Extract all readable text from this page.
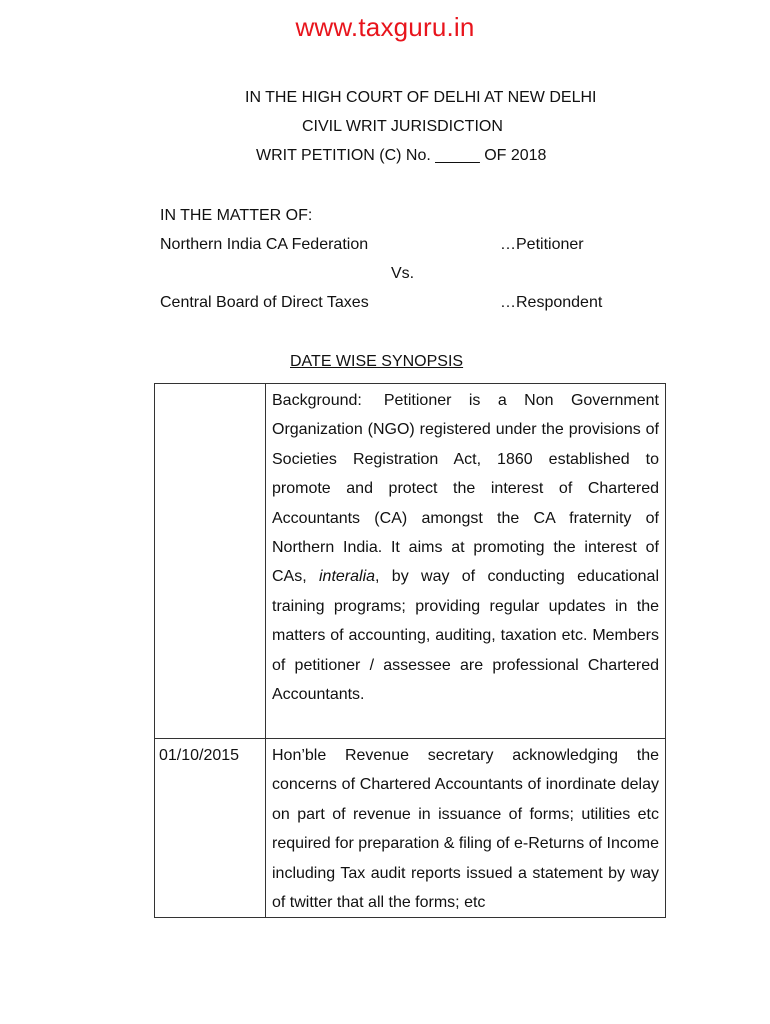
www.taxguru.in
IN THE HIGH COURT OF DELHI AT NEW DELHI
CIVIL WRIT JURISDICTION
WRIT PETITION (C) No. _____ OF 2018
IN THE MATTER OF:
Northern India CA Federation	…Petitioner
Vs.
Central Board of Direct Taxes	…Respondent
DATE WISE SYNOPSIS

	Background: Petitioner is a Non Government Organization (NGO) registered under the provisions of Societies Registration Act, 1860 established to promote and protect the interest of Chartered Accountants (CA) amongst the CA fraternity of Northern India. It aims at promoting the interest of CAs, interalia, by way of conducting educational training programs; providing regular updates in the matters of accounting, auditing, taxation etc. Members of petitioner / assessee are professional Chartered Accountants.

01/10/2015	Hon’ble Revenue secretary acknowledging the concerns of Chartered Accountants of inordinate delay on part of revenue in issuance of forms; utilities etc required for preparation & filing of e-Returns of Income including Tax audit reports issued a statement by way of twitter that all the forms; etc
